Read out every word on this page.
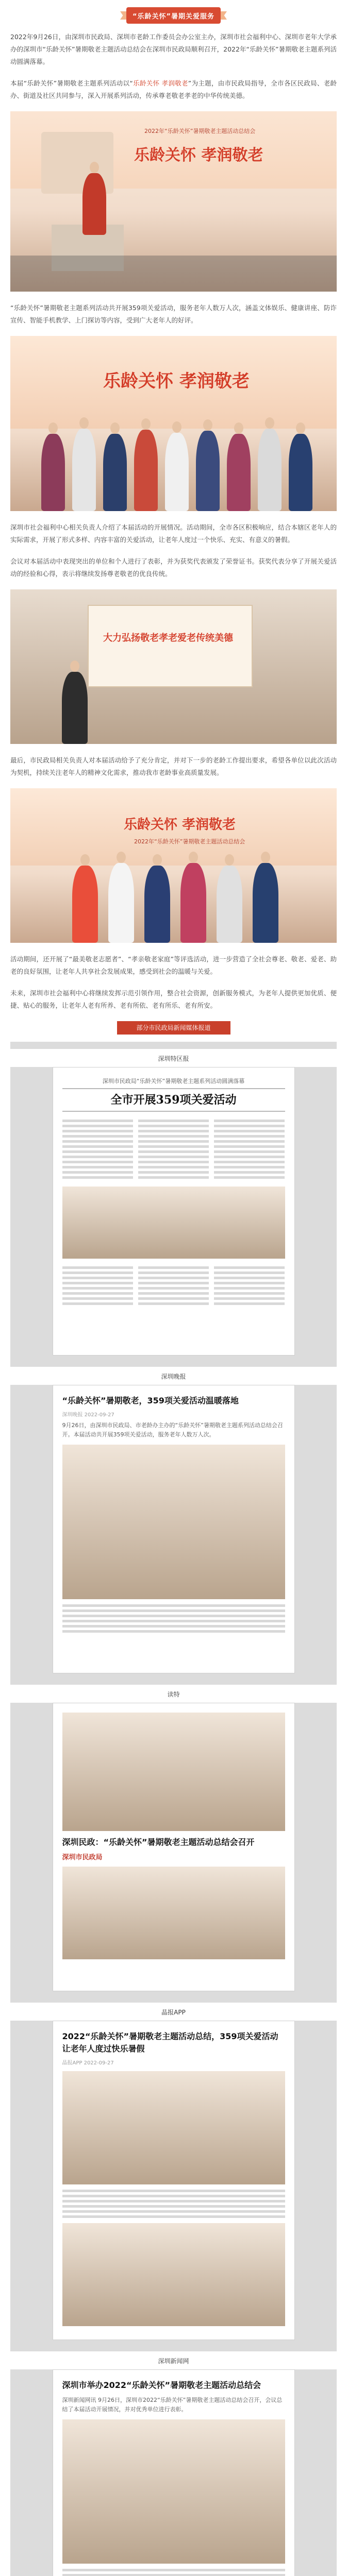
“乐龄关怀”暑期关爱服务

2022年9月26日，由深圳市民政局、深圳市老龄工作委员会办公室主办，深圳市社会福利中心、深圳市老年大学承办的深圳市“乐龄关怀”暑期敬老主题活动总结会在深圳市民政局顺利召开，2022年“乐龄关怀”暑期敬老主题系列活动圆满落幕。

本届“乐龄关怀”暑期敬老主题系列活动以“乐龄关怀 孝润敬老”为主题，由市民政局指导，全市各区民政局、老龄办、街道及社区共同参与，深入开展系列活动，传承尊老敬老孝老的中华传统美德。

乐龄关怀 孝润敬老
2022年“乐龄关怀”暑期敬老主题活动总结会

“乐龄关怀”暑期敬老主题系列活动共开展359项关爱活动，服务老年人数万人次，涵盖文体娱乐、健康讲座、防诈宣传、智能手机教学、上门探访等内容，受到广大老年人的好评。

乐龄关怀 孝润敬老

深圳市社会福利中心相关负责人介绍了本届活动的开展情况。活动期间，全市各区积极响应，结合本辖区老年人的实际需求，开展了形式多样、内容丰富的关爱活动，让老年人度过一个快乐、充实、有意义的暑假。

会议对本届活动中表现突出的单位和个人进行了表彰，并为获奖代表颁发了荣誉证书。获奖代表分享了开展关爱活动的经验和心得，表示将继续发扬尊老敬老的优良传统。

大力弘扬敬老孝老爱老传统美德

最后，市民政局相关负责人对本届活动给予了充分肯定，并对下一步的老龄工作提出要求，希望各单位以此次活动为契机，持续关注老年人的精神文化需求，推动我市老龄事业高质量发展。

乐龄关怀 孝润敬老
2022年“乐龄关怀”暑期敬老主题活动总结会

活动期间，还开展了“最美敬老志愿者”、“孝亲敬老家庭”等评选活动，进一步营造了全社会尊老、敬老、爱老、助老的良好氛围，让老年人共享社会发展成果，感受到社会的温暖与关爱。

未来，深圳市社会福利中心将继续发挥示范引领作用，整合社会资源，创新服务模式，为老年人提供更加优质、便捷、贴心的服务，让老年人老有所养、老有所依、老有所乐、老有所安。

部分市民政局新闻媒体报道
深圳特区报
深圳市民政局“乐龄关怀”暑期敬老主题系列活动圆满落幕
全市开展359项关爱活动
深圳晚报
“乐龄关怀”暑期敬老，359项关爱活动温暖落地
深圳晚报 2022-09-27
9月26日，由深圳市民政局、市老龄办主办的“乐龄关怀”暑期敬老主题系列活动总结会召开。本届活动共开展359项关爱活动，服务老年人数万人次。
读特
深圳民政：“乐龄关怀”暑期敬老主题活动总结会召开
深圳市民政局
晶报APP
2022“乐龄关怀”暑期敬老主题活动总结，359项关爱活动让老年人度过快乐暑假
晶报APP 2022-09-27
深圳新闻网
深圳市举办2022“乐龄关怀”暑期敬老主题活动总结会
深圳新闻网讯 9月26日，深圳市2022“乐龄关怀”暑期敬老主题活动总结会召开，会议总结了本届活动开展情况，并对优秀单位进行表彰。
